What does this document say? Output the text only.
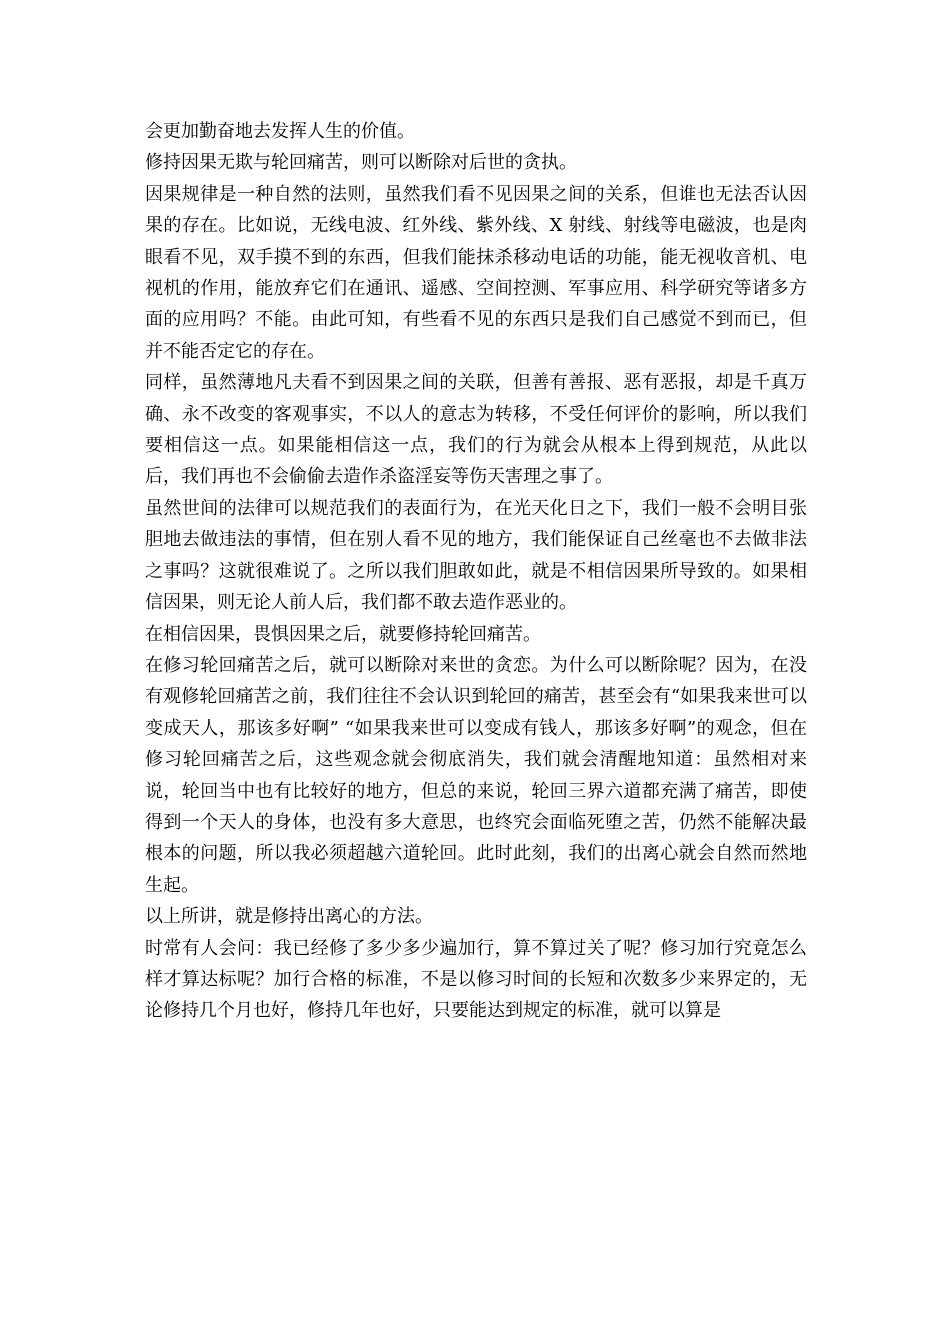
会更加勤奋地去发挥人生的价值。

修持因果无欺与轮回痛苦，则可以断除对后世的贪执。

因果规律是一种自然的法则，虽然我们看不见因果之间的关系，但谁也无法否认因果的存在。比如说，无线电波、红外线、紫外线、X 射线、射线等电磁波，也是肉眼看不见，双手摸不到的东西，但我们能抹杀移动电话的功能，能无视收音机、电视机的作用，能放弃它们在通讯、遥感、空间控测、军事应用、科学研究等诸多方面的应用吗？不能。由此可知，有些看不见的东西只是我们自己感觉不到而已，但并不能否定它的存在。

同样，虽然薄地凡夫看不到因果之间的关联，但善有善报、恶有恶报，却是千真万确、永不改变的客观事实，不以人的意志为转移，不受任何评价的影响，所以我们要相信这一点。如果能相信这一点，我们的行为就会从根本上得到规范，从此以后，我们再也不会偷偷去造作杀盗淫妄等伤天害理之事了。

虽然世间的法律可以规范我们的表面行为，在光天化日之下，我们一般不会明目张胆地去做违法的事情，但在别人看不见的地方，我们能保证自己丝毫也不去做非法之事吗？这就很难说了。之所以我们胆敢如此，就是不相信因果所导致的。如果相信因果，则无论人前人后，我们都不敢去造作恶业的。

在相信因果，畏惧因果之后，就要修持轮回痛苦。

在修习轮回痛苦之后，就可以断除对来世的贪恋。为什么可以断除呢？因为，在没有观修轮回痛苦之前，我们往往不会认识到轮回的痛苦，甚至会有“如果我来世可以变成天人，那该多好啊” “如果我来世可以变成有钱人，那该多好啊”的观念，但在修习轮回痛苦之后，这些观念就会彻底消失，我们就会清醒地知道：虽然相对来说，轮回当中也有比较好的地方，但总的来说，轮回三界六道都充满了痛苦，即使得到一个天人的身体，也没有多大意思，也终究会面临死堕之苦，仍然不能解决最根本的问题，所以我必须超越六道轮回。此时此刻，我们的出离心就会自然而然地生起。

以上所讲，就是修持出离心的方法。

时常有人会问：我已经修了多少多少遍加行，算不算过关了呢？修习加行究竟怎么样才算达标呢？加行合格的标准，不是以修习时间的长短和次数多少来界定的，无论修持几个月也好，修持几年也好，只要能达到规定的标准，就可以算是
